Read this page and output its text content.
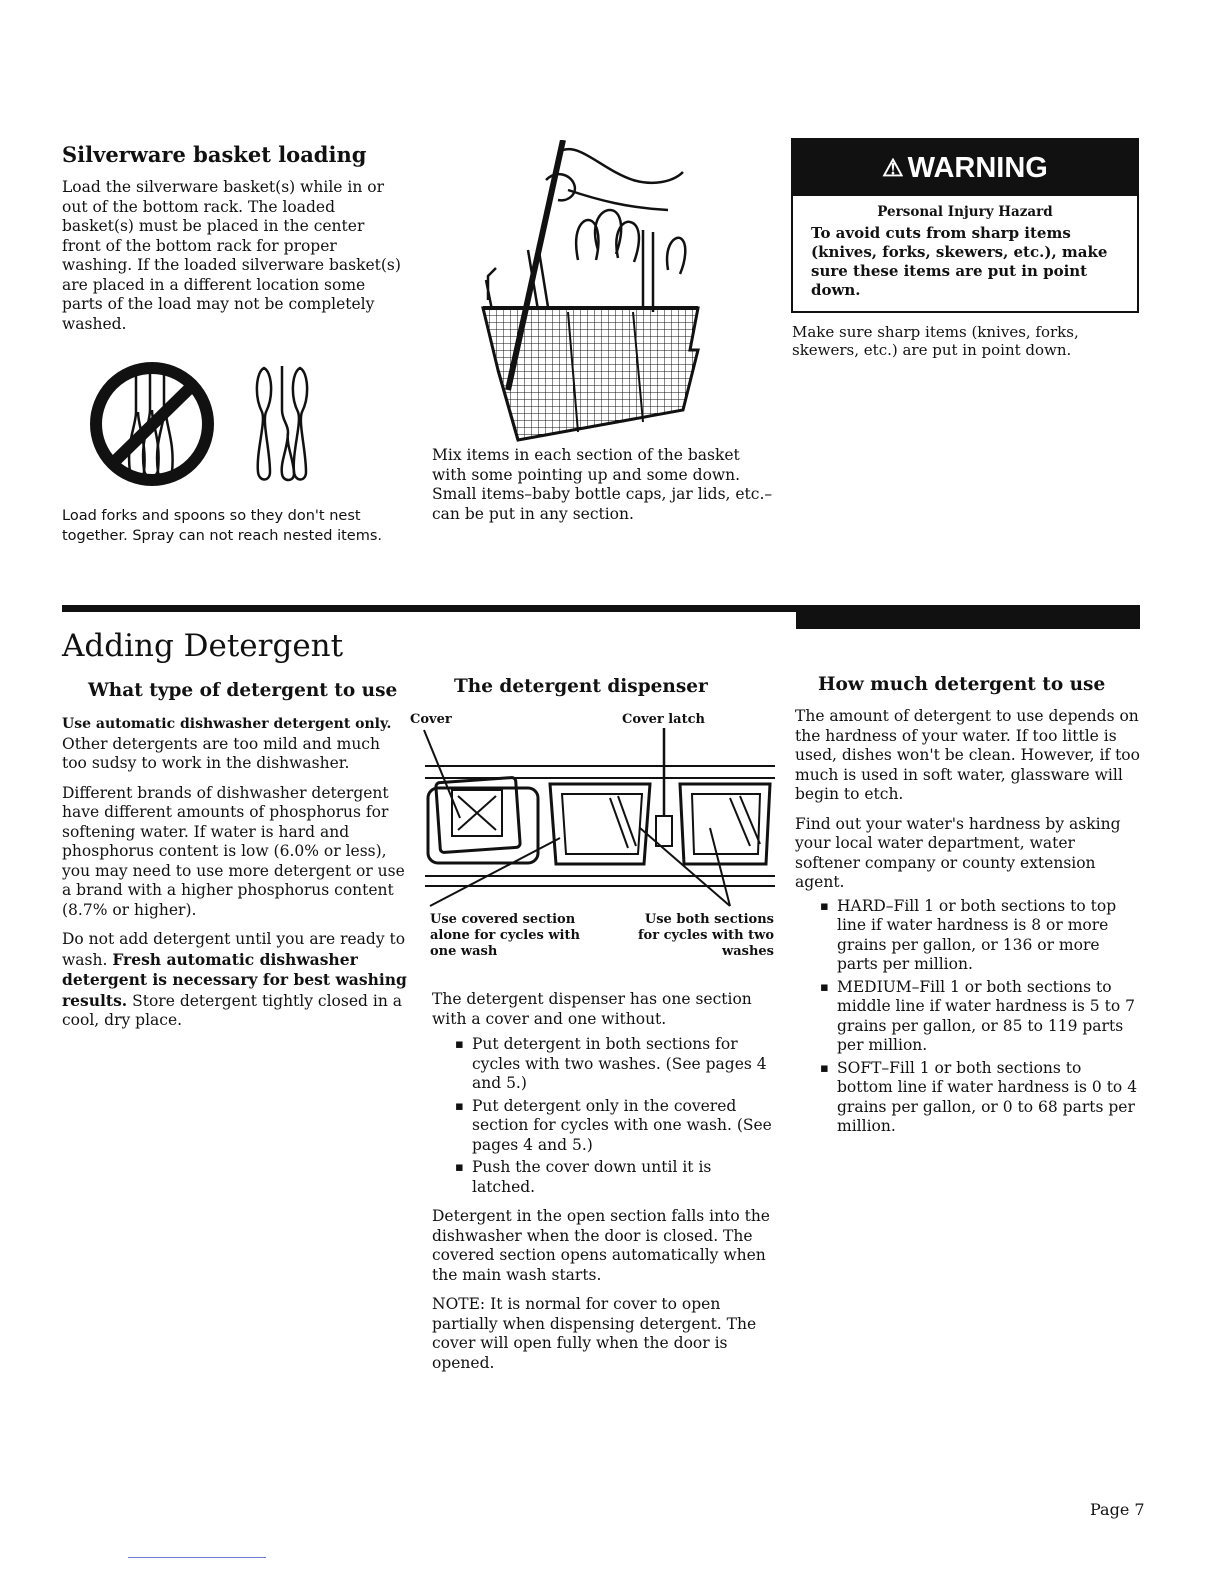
Silverware basket loading

Load the silverware basket(s) while in or out of the bottom rack. The loaded basket(s) must be placed in the center front of the bottom rack for proper washing. If the loaded silverware basket(s) are placed in a different location some parts of the load may not be completely washed.

Load forks and spoons so they don't nest together. Spray can not reach nested items.

Mix items in each section of the basket with some pointing up and some down. Small items–baby bottle caps, jar lids, etc.–can be put in any section.

⚠ WARNING

Personal Injury Hazard

To avoid cuts from sharp items (knives, forks, skewers, etc.), make sure these items are put in point down.

Make sure sharp items (knives, forks, skewers, etc.) are put in point down.

Adding Detergent
What type of detergent to use

Use automatic dishwasher detergent only. Other detergents are too mild and much too sudsy to work in the dishwasher.

Different brands of dishwasher detergent have different amounts of phosphorus for softening water. If water is hard and phosphorus content is low (6.0% or less), you may need to use more detergent or use a brand with a higher phosphorus content (8.7% or higher).

Do not add detergent until you are ready to wash. Fresh automatic dishwasher detergent is necessary for best washing results. Store detergent tightly closed in a cool, dry place.

The detergent dispenser
Cover	Cover latch
Use covered section alone for cycles with one wash
Use both sections for cycles with two washes

The detergent dispenser has one section with a cover and one without.

▪ Put detergent in both sections for cycles with two washes. (See pages 4 and 5.)
▪ Put detergent only in the covered section for cycles with one wash. (See pages 4 and 5.)
▪ Push the cover down until it is latched.

Detergent in the open section falls into the dishwasher when the door is closed. The covered section opens automatically when the main wash starts.

NOTE: It is normal for cover to open partially when dispensing detergent. The cover will open fully when the door is opened.

How much detergent to use

The amount of detergent to use depends on the hardness of your water. If too little is used, dishes won't be clean. However, if too much is used in soft water, glassware will begin to etch.

Find out your water's hardness by asking your local water department, water softener company or county extension agent.

▪ HARD–Fill 1 or both sections to top line if water hardness is 8 or more grains per gallon, or 136 or more parts per million.
▪ MEDIUM–Fill 1 or both sections to middle line if water hardness is 5 to 7 grains per gallon, or 85 to 119 parts per million.
▪ SOFT–Fill 1 or both sections to bottom line if water hardness is 0 to 4 grains per gallon, or 0 to 68 parts per million.
Page 7
